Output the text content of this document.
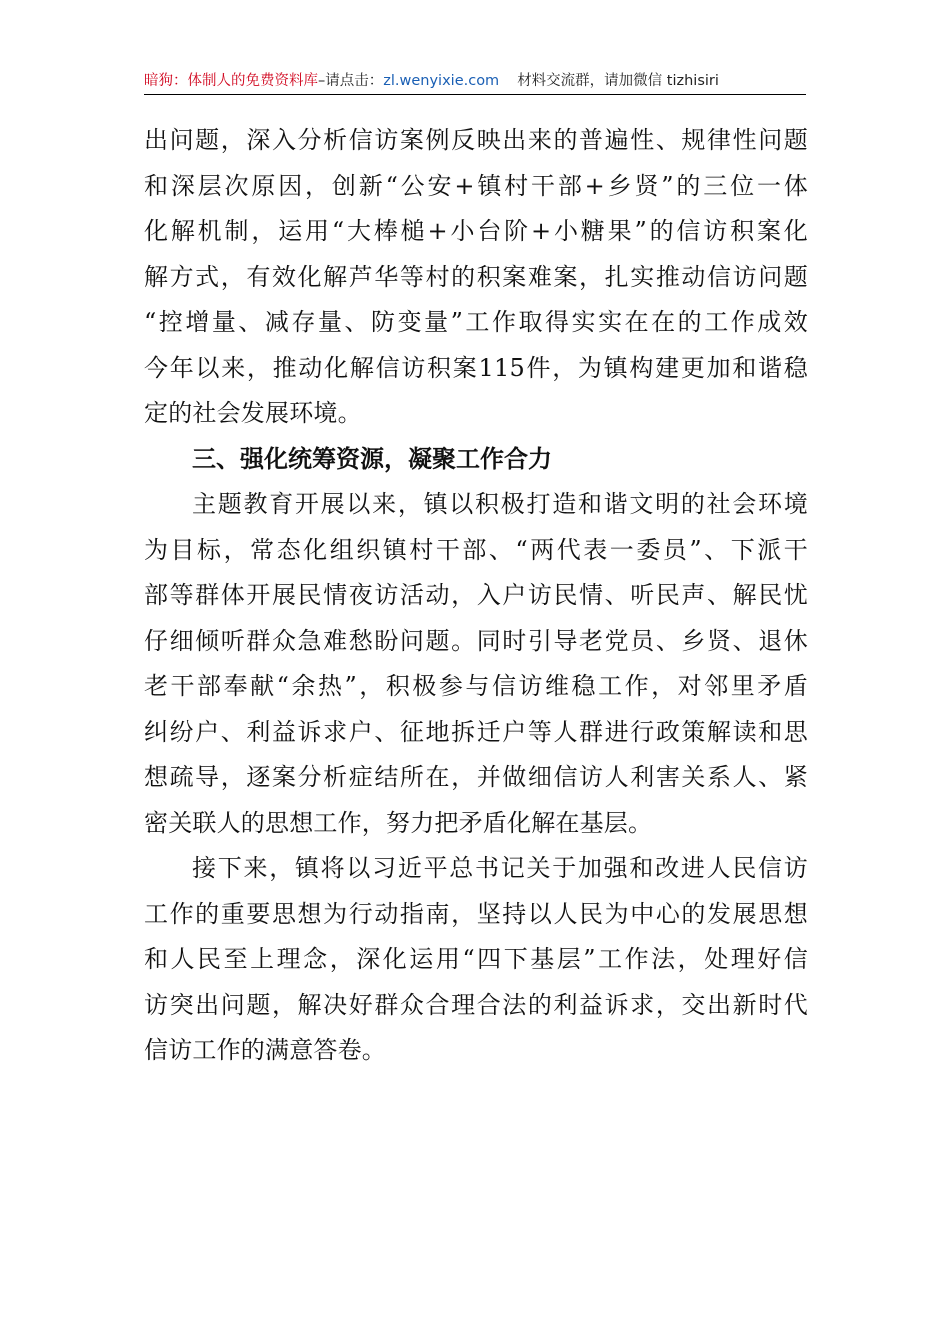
暗狗：体制人的免费资料库–请点击：zl.wenyixie.com 材料交流群，请加微信 tizhisiri
出问题，深入分析信访案例反映出来的普遍性、规律性问题
和深层次原因，创新“公安+镇村干部+乡贤”的三位一体
化解机制，运用“大棒槌+小台阶+小糖果”的信访积案化
解方式，有效化解芦华等村的积案难案，扎实推动信访问题
“控增量、减存量、防变量”工作取得实实在在的工作成效
今年以来，推动化解信访积案115件，为镇构建更加和谐稳
定的社会发展环境。
三、强化统筹资源，凝聚工作合力
主题教育开展以来，镇以积极打造和谐文明的社会环境
为目标，常态化组织镇村干部、“两代表一委员”、下派干
部等群体开展民情夜访活动，入户访民情、听民声、解民忧
仔细倾听群众急难愁盼问题。同时引导老党员、乡贤、退休
老干部奉献“余热”，积极参与信访维稳工作，对邻里矛盾
纠纷户、利益诉求户、征地拆迁户等人群进行政策解读和思
想疏导，逐案分析症结所在，并做细信访人利害关系人、紧
密关联人的思想工作，努力把矛盾化解在基层。
接下来，镇将以习近平总书记关于加强和改进人民信访
工作的重要思想为行动指南，坚持以人民为中心的发展思想
和人民至上理念，深化运用“四下基层”工作法，处理好信
访突出问题，解决好群众合理合法的利益诉求，交出新时代
信访工作的满意答卷。
